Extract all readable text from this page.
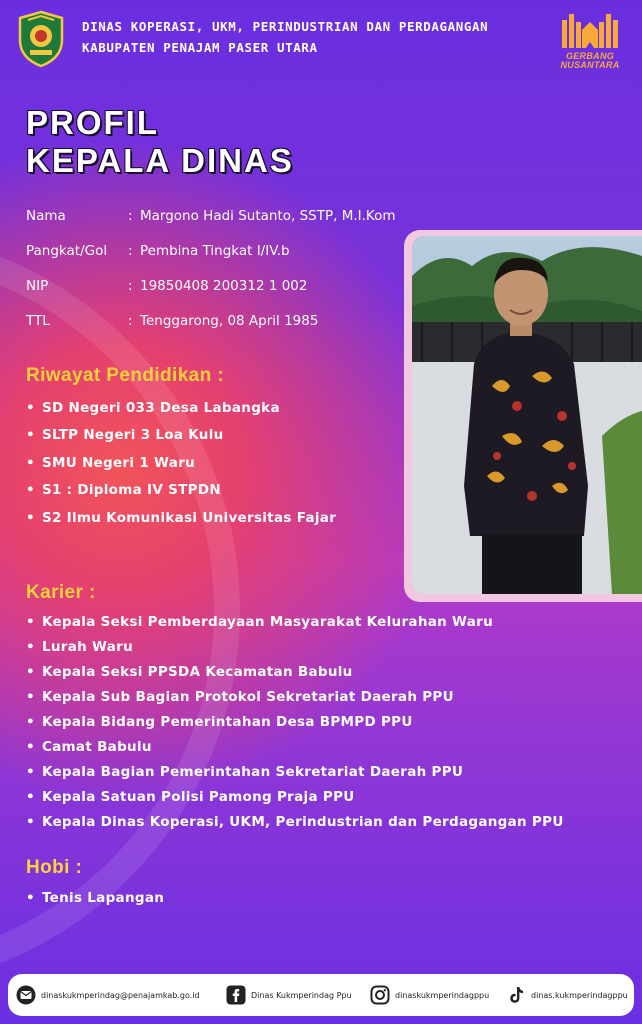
DINAS KOPERASI, UKM, PERINDUSTRIAN DAN PERDAGANGAN
KABUPATEN PENAJAM PASER UTARA
GERBANG
NUSANTARA
PROFIL
KEPALA DINAS
Nama	: Margono Hadi Sutanto, SSTP, M.I.Kom
Pangkat/Gol	: Pembina Tingkat I/IV.b
NIP	: 19850408 200312 1 002
TTL	: Tenggarong, 08 April 1985
Riwayat Pendidikan :
• SD Negeri 033 Desa Labangka
• SLTP Negeri 3 Loa Kulu
• SMU Negeri 1 Waru
• S1 : Diploma IV STPDN
• S2 Ilmu Komunikasi Universitas Fajar
Karier :
• Kepala Seksi Pemberdayaan Masyarakat Kelurahan Waru
• Lurah Waru
• Kepala Seksi PPSDA Kecamatan Babulu
• Kepala Sub Bagian Protokol Sekretariat Daerah PPU
• Kepala Bidang Pemerintahan Desa BPMPD PPU
• Camat Babulu
• Kepala Bagian Pemerintahan Sekretariat Daerah PPU
• Kepala Satuan Polisi Pamong Praja PPU
• Kepala Dinas Koperasi, UKM, Perindustrian dan Perdagangan PPU
Hobi :
• Tenis Lapangan
dinaskukmperindag@penajamkab.go.id	Dinas Kukmperindag Ppu	dinaskukmperindagppu	dinas.kukmperindagppu
